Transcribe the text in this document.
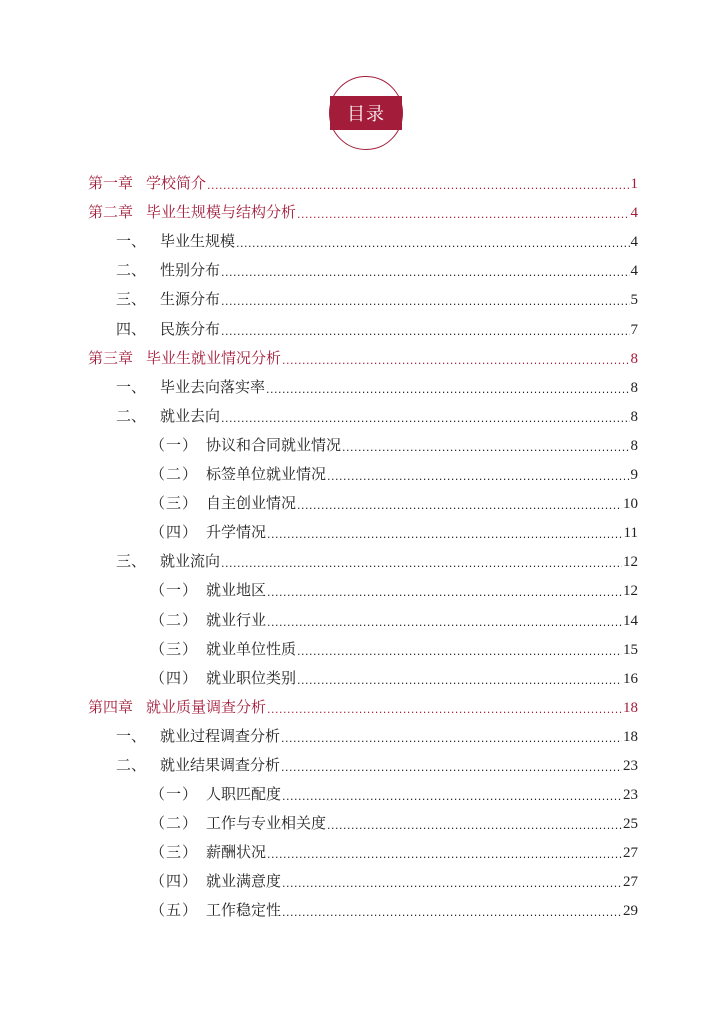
目录
第一章 学校简介 .....	1
第二章 毕业生规模与结构分析 .....	4
一、 毕业生规模 .....	4
二、 性别分布 .....	4
三、 生源分布 .....	5
四、 民族分布 .....	7
第三章 毕业生就业情况分析 .....	8
一、 毕业去向落实率 .....	8
二、 就业去向 .....	8
（一） 协议和合同就业情况 .....	8
（二） 标签单位就业情况 .....	9
（三） 自主创业情况 .....	10
（四） 升学情况 .....	11
三、 就业流向 .....	12
（一） 就业地区 .....	12
（二） 就业行业 .....	14
（三） 就业单位性质 .....	15
（四） 就业职位类别 .....	16
第四章 就业质量调查分析 .....	18
一、 就业过程调查分析 .....	18
二、 就业结果调查分析 .....	23
（一） 人职匹配度 .....	23
（二） 工作与专业相关度 .....	25
（三） 薪酬状况 .....	27
（四） 就业满意度 .....	27
（五） 工作稳定性 .....	29
